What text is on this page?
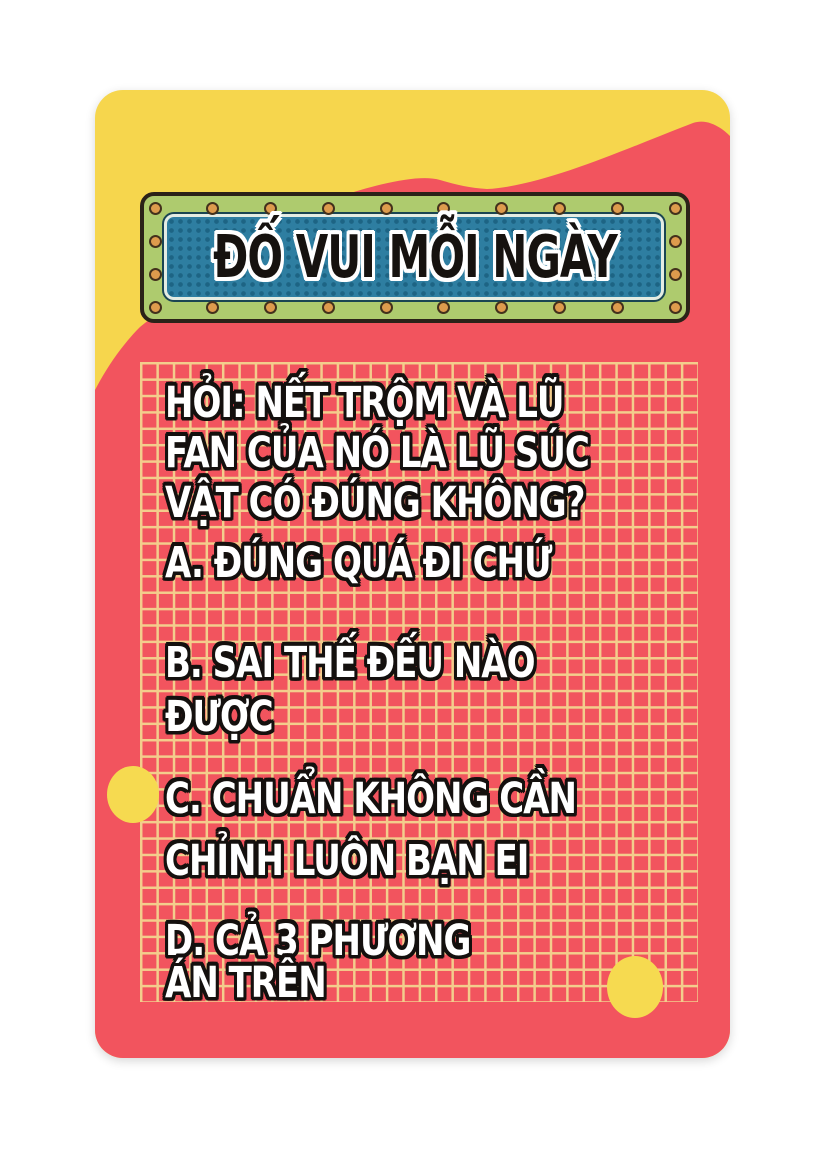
ĐỐ VUI MỖI NGÀY
HỎI: NẾT TRỘM VÀ LŨ
FAN CỦA NÓ LÀ LŨ SÚC
VẬT CÓ ĐÚNG KHÔNG?
A. ĐÚNG QUÁ ĐI CHỨ
B. SAI THẾ ĐẾU NÀO
ĐƯỢC
C. CHUẨN KHÔNG CẦN
CHỈNH LUÔN BẠN EI
D. CẢ 3 PHƯƠNG
ÁN TRÊN
